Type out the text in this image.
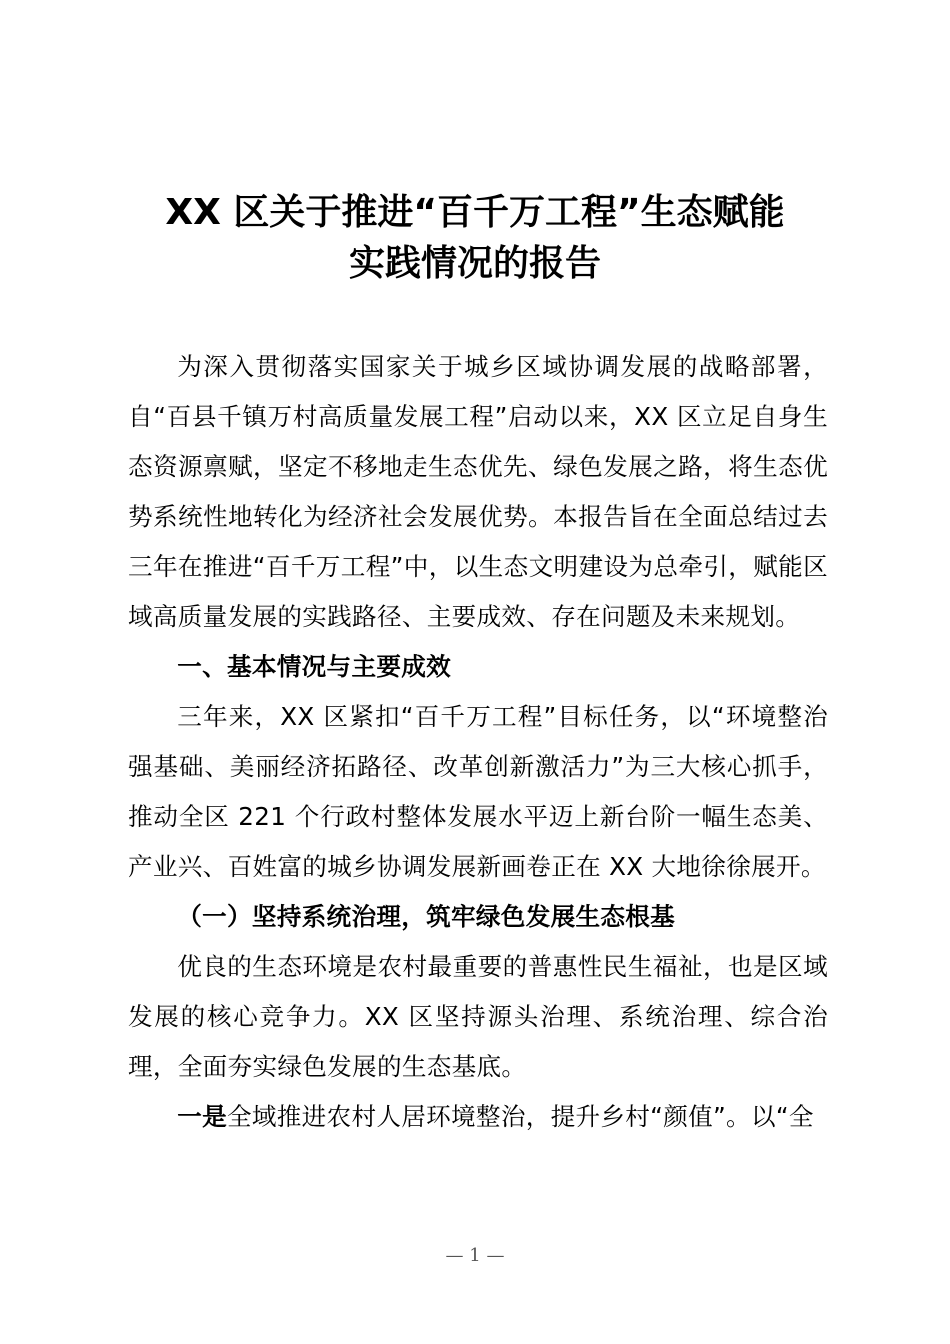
XX 区关于推进“百千万工程”生态赋能
实践情况的报告

为深入贯彻落实国家关于城乡区域协调发展的战略部署，自“百县千镇万村高质量发展工程”启动以来，XX 区立足自身生态资源禀赋，坚定不移地走生态优先、绿色发展之路，将生态优势系统性地转化为经济社会发展优势。本报告旨在全面总结过去三年在推进“百千万工程”中，以生态文明建设为总牵引，赋能区域高质量发展的实践路径、主要成效、存在问题及未来规划。

一、基本情况与主要成效

三年来，XX 区紧扣“百千万工程”目标任务，以“环境整治强基础、美丽经济拓路径、改革创新激活力”为三大核心抓手，推动全区 221 个行政村整体发展水平迈上新台阶一幅生态美、产业兴、百姓富的城乡协调发展新画卷正在 XX 大地徐徐展开。

（一）坚持系统治理，筑牢绿色发展生态根基

优良的生态环境是农村最重要的普惠性民生福祉，也是区域发展的核心竞争力。XX 区坚持源头治理、系统治理、综合治理，全面夯实绿色发展的生态基底。

一是全域推进农村人居环境整治，提升乡村“颜值”。以“全

— 1 —
